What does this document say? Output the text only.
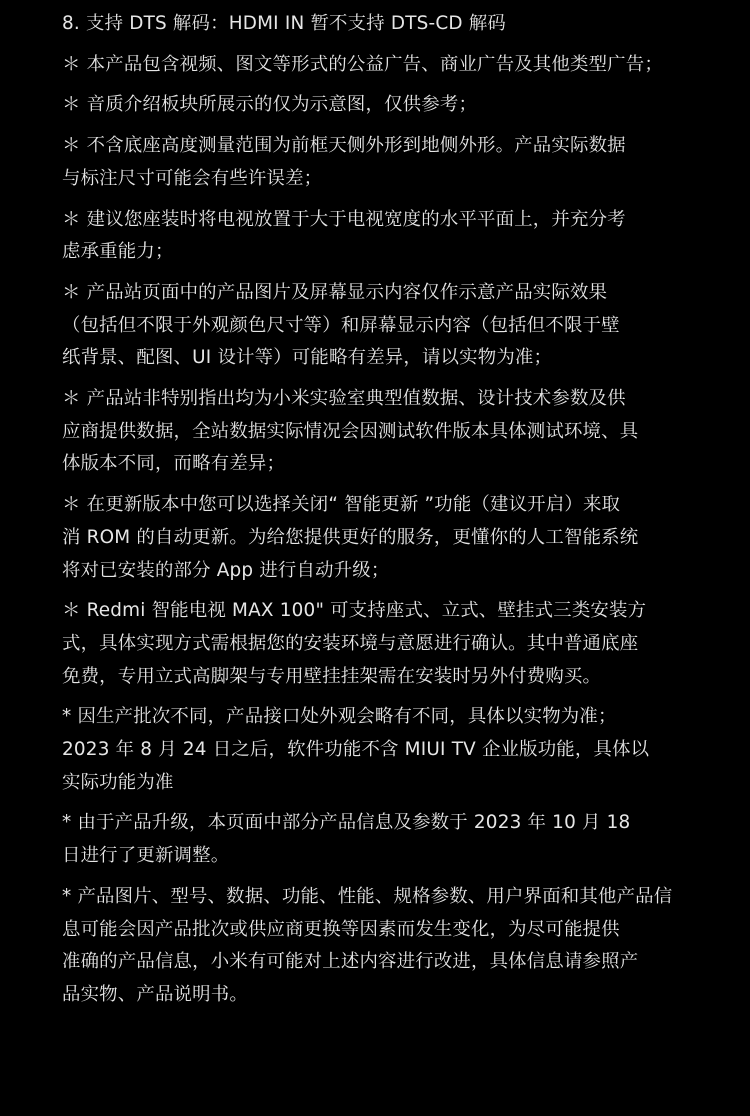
8. 支持 DTS 解码：HDMI IN 暂不支持 DTS-CD 解码
＊ 本产品包含视频、图文等形式的公益广告、商业广告及其他类型广告；
＊ 音质介绍板块所展示的仅为示意图，仅供参考；
＊ 不含底座高度测量范围为前框天侧外形到地侧外形。产品实际数据
与标注尺寸可能会有些许误差；
＊ 建议您座装时将电视放置于大于电视宽度的水平平面上，并充分考
虑承重能力；
＊ 产品站页面中的产品图片及屏幕显示内容仅作示意产品实际效果
（包括但不限于外观颜色尺寸等）和屏幕显示内容（包括但不限于壁
纸背景、配图、UI 设计等）可能略有差异，请以实物为准；
＊ 产品站非特别指出均为小米实验室典型值数据、设计技术参数及供
应商提供数据，全站数据实际情况会因测试软件版本具体测试环境、具
体版本不同，而略有差异；
＊ 在更新版本中您可以选择关闭“ 智能更新 ”功能（建议开启）来取
消 ROM 的自动更新。为给您提供更好的服务，更懂你的人工智能系统
将对已安装的部分 App 进行自动升级；
＊ Redmi 智能电视 MAX 100" 可支持座式、立式、壁挂式三类安装方
式，具体实现方式需根据您的安装环境与意愿进行确认。其中普通底座
免费，专用立式高脚架与专用壁挂挂架需在安装时另外付费购买。
* 因生产批次不同，产品接口处外观会略有不同，具体以实物为准；
2023 年 8 月 24 日之后，软件功能不含 MIUI TV 企业版功能，具体以
实际功能为准
* 由于产品升级，本页面中部分产品信息及参数于 2023 年 10 月 18
日进行了更新调整。
* 产品图片、型号、数据、功能、性能、规格参数、用户界面和其他产品信
息可能会因产品批次或供应商更换等因素而发生变化，为尽可能提供
准确的产品信息，小米有可能对上述内容进行改进，具体信息请参照产
品实物、产品说明书。
